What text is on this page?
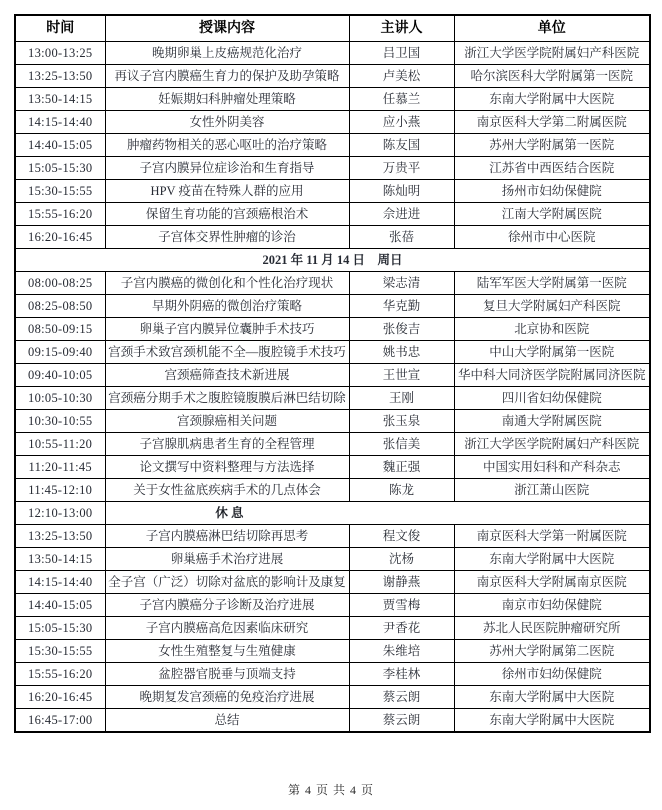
时间	授课内容	主讲人	单位
13:00-13:25	晚期卵巢上皮癌规范化治疗	吕卫国	浙江大学医学院附属妇产科医院
13:25-13:50	再议子宫内膜癌生育力的保护及助孕策略	卢美松	哈尔滨医科大学附属第一医院
13:50-14:15	妊娠期妇科肿瘤处理策略	任慕兰	东南大学附属中大医院
14:15-14:40	女性外阴美容	应小燕	南京医科大学第二附属医院
14:40-15:05	肿瘤药物相关的恶心呕吐的治疗策略	陈友国	苏州大学附属第一医院
15:05-15:30	子宫内膜异位症诊治和生育指导	万贵平	江苏省中西医结合医院
15:30-15:55	HPV 疫苗在特殊人群的应用	陈灿明	扬州市妇幼保健院
15:55-16:20	保留生育功能的宫颈癌根治术	佘进进	江南大学附属医院
16:20-16:45	子宫体交界性肿瘤的诊治	张蓓	徐州市中心医院
2021 年 11 月 14 日　周日			
08:00-08:25	子宫内膜癌的微创化和个性化治疗现状	梁志清	陆军军医大学附属第一医院
08:25-08:50	早期外阴癌的微创治疗策略	华克勤	复旦大学附属妇产科医院
08:50-09:15	卵巢子宫内膜异位囊肿手术技巧	张俊吉	北京协和医院
09:15-09:40	宫颈手术致宫颈机能不全—腹腔镜手术技巧	姚书忠	中山大学附属第一医院
09:40-10:05	宫颈癌筛查技术新进展	王世宣	华中科大同济医学院附属同济医院
10:05-10:30	宫颈癌分期手术之腹腔镜腹膜后淋巴结切除	王刚	四川省妇幼保健院
10:30-10:55	宫颈腺癌相关问题	张玉泉	南通大学附属医院
10:55-11:20	子宫腺肌病患者生育的全程管理	张信美	浙江大学医学院附属妇产科医院
11:20-11:45	论文撰写中资料整理与方法选择	魏正强	中国实用妇科和产科杂志
11:45-12:10	关于女性盆底疾病手术的几点体会	陈龙	浙江萧山医院
12:10-13:00	休 息		

13:25-13:50	子宫内膜癌淋巴结切除再思考	程文俊	南京医科大学第一附属医院
13:50-14:15	卵巢癌手术治疗进展	沈杨	东南大学附属中大医院
14:15-14:40	全子宫（广泛）切除对盆底的影响计及康复	谢静燕	南京医科大学附属南京医院
14:40-15:05	子宫内膜癌分子诊断及治疗进展	贾雪梅	南京市妇幼保健院
15:05-15:30	子宫内膜癌高危因素临床研究	尹香花	苏北人民医院肿瘤研究所
15:30-15:55	女性生殖整复与生殖健康	朱维培	苏州大学附属第二医院
15:55-16:20	盆腔器官脱垂与顶端支持	李桂林	徐州市妇幼保健院
16:20-16:45	晚期复发宫颈癌的免疫治疗进展	蔡云朗	东南大学附属中大医院
16:45-17:00	总结	蔡云朗	东南大学附属中大医院
第 4 页 共 4 页
